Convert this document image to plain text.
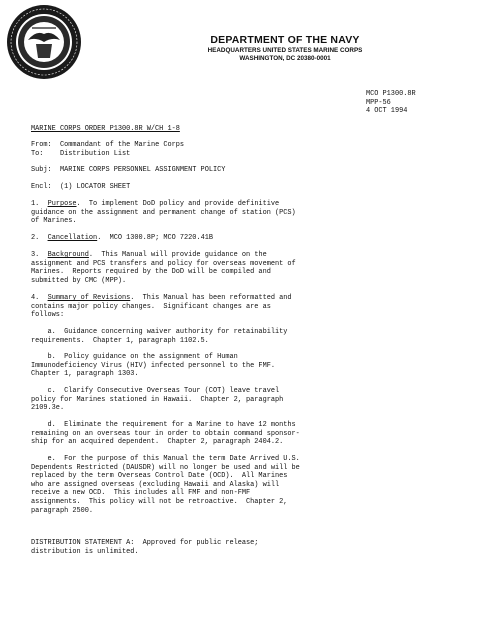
DEPARTMENT OF THE NAVY
HEADQUARTERS UNITED STATES MARINE CORPS
WASHINGTON, DC 20380-0001
MCO P1300.8R
MPP-56
4 OCT 1994
MARINE CORPS ORDER P1300.8R W/CH 1-8
From: Commandant of the Marine Corps
To: Distribution List
Subj: MARINE CORPS PERSONNEL ASSIGNMENT POLICY
Encl: (1) LOCATOR SHEET
1. Purpose.  To implement DoD policy and provide definitive
guidance on the assignment and permanent change of station (PCS)
of Marines.
2. Cancellation.  MCO 1300.8P; MCO 7220.41B
3. Background.  This Manual will provide guidance on the
assignment and PCS transfers and policy for overseas movement of
Marines.  Reports required by the DoD will be compiled and
submitted by CMC (MPP).
4. Summary of Revisions.  This Manual has been reformatted and
contains major policy changes.  Significant changes are as
follows:
a.  Guidance concerning waiver authority for retainability
requirements.  Chapter 1, paragraph 1102.5.
b.  Policy guidance on the assignment of Human
Immunodeficiency Virus (HIV) infected personnel to the FMF.
Chapter 1, paragraph 1303.
c.  Clarify Consecutive Overseas Tour (COT) leave travel
policy for Marines stationed in Hawaii.  Chapter 2, paragraph
2109.3e.
d.  Eliminate the requirement for a Marine to have 12 months
remaining on an overseas tour in order to obtain command sponsor-
ship for an acquired dependent.  Chapter 2, paragraph 2404.2.
e.  For the purpose of this Manual the term Date Arrived U.S.
Dependents Restricted (DAUSDR) will no longer be used and will be
replaced by the term Overseas Control Date (OCD).  All Marines
who are assigned overseas (excluding Hawaii and Alaska) will
receive a new OCD.  This includes all FMF and non-FMF
assignments.  This policy will not be retroactive.  Chapter 2,
paragraph 2500.
DISTRIBUTION STATEMENT A:  Approved for public release;
distribution is unlimited.
